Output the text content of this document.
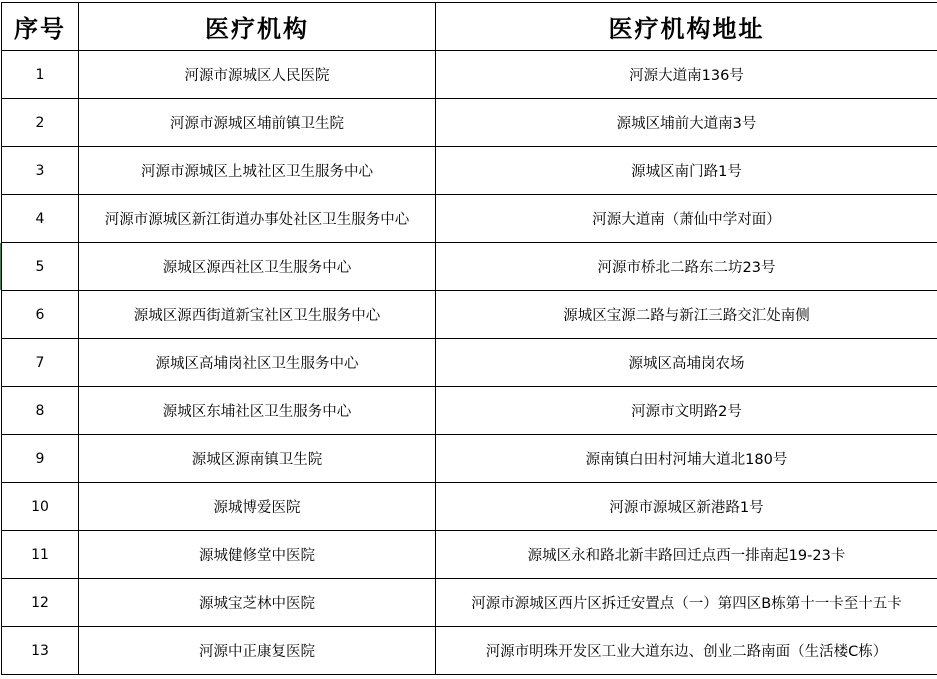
序号	医疗机构	医疗机构地址
1	河源市源城区人民医院	河源大道南136号
2	河源市源城区埔前镇卫生院	源城区埔前大道南3号
3	河源市源城区上城社区卫生服务中心	源城区南门路1号
4	河源市源城区新江街道办事处社区卫生服务中心	河源大道南（萧仙中学对面）
5	源城区源西社区卫生服务中心	河源市桥北二路东二坊23号
6	源城区源西街道新宝社区卫生服务中心	源城区宝源二路与新江三路交汇处南侧
7	源城区高埔岗社区卫生服务中心	源城区高埔岗农场
8	源城区东埔社区卫生服务中心	河源市文明路2号
9	源城区源南镇卫生院	源南镇白田村河埔大道北180号
10	源城博爱医院	河源市源城区新港路1号
11	源城健修堂中医院	源城区永和路北新丰路回迁点西一排南起19-23卡
12	源城宝芝林中医院	河源市源城区西片区拆迁安置点（一）第四区B栋第十一卡至十五卡
13	河源中正康复医院	河源市明珠开发区工业大道东边、创业二路南面（生活楼C栋）
